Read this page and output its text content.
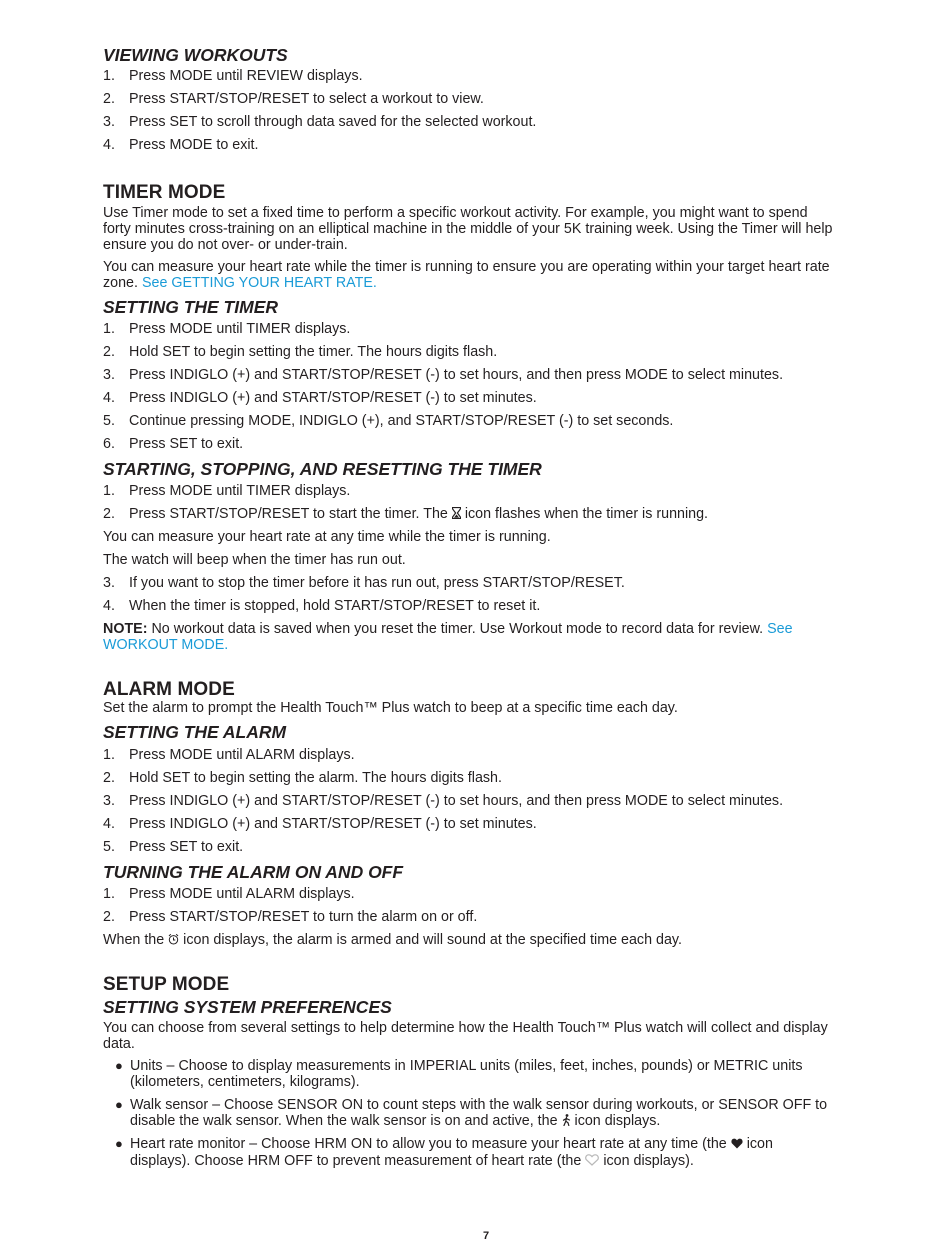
VIEWING WORKOUTS
1. Press MODE until REVIEW displays.
2. Press START/STOP/RESET to select a workout to view.
3. Press SET to scroll through data saved for the selected workout.
4. Press MODE to exit.
TIMER MODE

Use Timer mode to set a fixed time to perform a specific workout activity. For example, you might want to spend forty minutes cross-training on an elliptical machine in the middle of your 5K training week. Using the Timer will help ensure you do not over- or under-train.

You can measure your heart rate while the timer is running to ensure you are operating within your target heart rate zone. See GETTING YOUR HEART RATE.

SETTING THE TIMER
1. Press MODE until TIMER displays.
2. Hold SET to begin setting the timer. The hours digits flash.
3. Press INDIGLO (+) and START/STOP/RESET (-) to set hours, and then press MODE to select minutes.
4. Press INDIGLO (+) and START/STOP/RESET (-) to set minutes.
5. Continue pressing MODE, INDIGLO (+), and START/STOP/RESET (-) to set seconds.
6. Press SET to exit.
STARTING, STOPPING, AND RESETTING THE TIMER
1. Press MODE until TIMER displays.
2. Press START/STOP/RESET to start the timer. The icon flashes when the timer is running.

You can measure your heart rate at any time while the timer is running.

The watch will beep when the timer has run out.

3. If you want to stop the timer before it has run out, press START/STOP/RESET.
4. When the timer is stopped, hold START/STOP/RESET to reset it.

NOTE: No workout data is saved when you reset the timer. Use Workout mode to record data for review. See WORKOUT MODE.

ALARM MODE

Set the alarm to prompt the Health Touch™ Plus watch to beep at a specific time each day.

SETTING THE ALARM
1. Press MODE until ALARM displays.
2. Hold SET to begin setting the alarm. The hours digits flash.
3. Press INDIGLO (+) and START/STOP/RESET (-) to set hours, and then press MODE to select minutes.
4. Press INDIGLO (+) and START/STOP/RESET (-) to set minutes.
5. Press SET to exit.
TURNING THE ALARM ON AND OFF
1. Press MODE until ALARM displays.
2. Press START/STOP/RESET to turn the alarm on or off.

When the icon displays, the alarm is armed and will sound at the specified time each day.

SETUP MODE
SETTING SYSTEM PREFERENCES

You can choose from several settings to help determine how the Health Touch™ Plus watch will collect and display data.

● Units – Choose to display measurements in IMPERIAL units (miles, feet, inches, pounds) or METRIC units (kilometers, centimeters, kilograms).
● Walk sensor – Choose SENSOR ON to count steps with the walk sensor during workouts, or SENSOR OFF to disable the walk sensor. When the walk sensor is on and active, the icon displays.
● Heart rate monitor – Choose HRM ON to allow you to measure your heart rate at any time (the icon displays). Choose HRM OFF to prevent measurement of heart rate (the icon displays).
7
